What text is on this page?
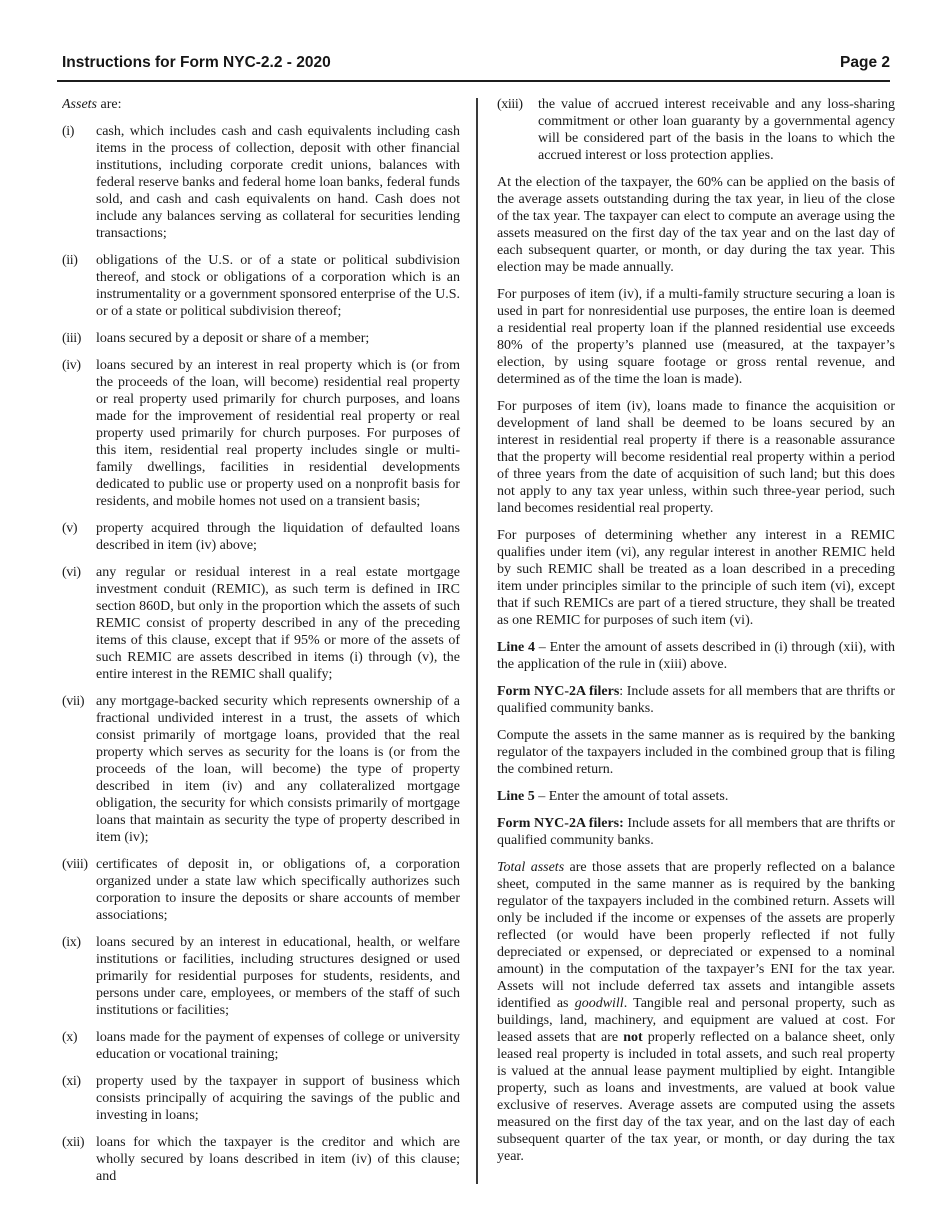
Instructions for Form NYC-2.2 - 2020	Page 2

Assets are:

(i)	cash, which includes cash and cash equivalents including cash items in the process of collection, deposit with other financial institutions, including corporate credit unions, balances with federal reserve banks and federal home loan banks, federal funds sold, and cash and cash equivalents on hand. Cash does not include any balances serving as collateral for securities lending transactions;
(ii)	obligations of the U.S. or of a state or political subdivision thereof, and stock or obligations of a corporation which is an instrumentality or a government sponsored enterprise of the U.S. or of a state or political subdivision thereof;
(iii)	loans secured by a deposit or share of a member;
(iv)	loans secured by an interest in real property which is (or from the proceeds of the loan, will become) residential real property or real property used primarily for church purposes, and loans made for the improvement of residential real property or real property used primarily for church purposes. For purposes of this item, residential real property includes single or multi-family dwellings, facilities in residential developments dedicated to public use or property used on a nonprofit basis for residents, and mobile homes not used on a transient basis;
(v)	property acquired through the liquidation of defaulted loans described in item (iv) above;
(vi)	any regular or residual interest in a real estate mortgage investment conduit (REMIC), as such term is defined in IRC section 860D, but only in the proportion which the assets of such REMIC consist of property described in any of the preceding items of this clause, except that if 95% or more of the assets of such REMIC are assets described in items (i) through (v), the entire interest in the REMIC shall qualify;
(vii) any mortgage-backed security which represents ownership of a fractional undivided interest in a trust, the assets of which consist primarily of mortgage loans, provided that the real property which serves as security for the loans is (or from the proceeds of the loan, will become) the type of property described in item (iv) and any collateralized mortgage obligation, the security for which consists primarily of mortgage loans that maintain as security the type of property described in item (iv);
(viii) certificates of deposit in, or obligations of, a corporation organized under a state law which specifically authorizes such corporation to insure the deposits or share accounts of member associations;
(ix)	loans secured by an interest in educational, health, or welfare institutions or facilities, including structures designed or used primarily for residential purposes for students, residents, and persons under care, employees, or members of the staff of such institutions or facilities;
(x)	loans made for the payment of expenses of college or university education or vocational training;
(xi)	property used by the taxpayer in support of business which consists principally of acquiring the savings of the public and investing in loans;
(xii) loans for which the taxpayer is the creditor and which are wholly secured by loans described in item (iv) of this clause; and
(xiii)	the value of accrued interest receivable and any loss-sharing commitment or other loan guaranty by a governmental agency will be considered part of the basis in the loans to which the accrued interest or loss protection applies.

At the election of the taxpayer, the 60% can be applied on the basis of the average assets outstanding during the tax year, in lieu of the close of the tax year. The taxpayer can elect to compute an average using the assets measured on the first day of the tax year and on the last day of each subsequent quarter, or month, or day during the tax year. This election may be made annually.

For purposes of item (iv), if a multi-family structure securing a loan is used in part for nonresidential use purposes, the entire loan is deemed a residential real property loan if the planned residential use exceeds 80% of the property’s planned use (measured, at the taxpayer’s election, by using square footage or gross rental revenue, and determined as of the time the loan is made).

For purposes of item (iv), loans made to finance the acquisition or development of land shall be deemed to be loans secured by an interest in residential real property if there is a reasonable assurance that the property will become residential real property within a period of three years from the date of acquisition of such land; but this does not apply to any tax year unless, within such three-year period, such land becomes residential real property.

For purposes of determining whether any interest in a REMIC qualifies under item (vi), any regular interest in another REMIC held by such REMIC shall be treated as a loan described in a preceding item under principles similar to the principle of such item (vi), except that if such REMICs are part of a tiered structure, they shall be treated as one REMIC for purposes of such item (vi).

Line 4 – Enter the amount of assets described in (i) through (xii), with the application of the rule in (xiii) above.

Form NYC-2A filers: Include assets for all members that are thrifts or qualified community banks.

Compute the assets in the same manner as is required by the banking regulator of the taxpayers included in the combined group that is filing the combined return.

Line 5 – Enter the amount of total assets.

Form NYC-2A filers: Include assets for all members that are thrifts or qualified community banks.

Total assets are those assets that are properly reflected on a balance sheet, computed in the same manner as is required by the banking regulator of the taxpayers included in the combined return. Assets will only be included if the income or expenses of the assets are properly reflected (or would have been properly reflected if not fully depreciated or expensed, or depreciated or expensed to a nominal amount) in the computation of the taxpayer’s ENI for the tax year. Assets will not include deferred tax assets and intangible assets identified as goodwill. Tangible real and personal property, such as buildings, land, machinery, and equipment are valued at cost. For leased assets that are not properly reflected on a balance sheet, only leased real property is included in total assets, and such real property is valued at the annual lease payment multiplied by eight. Intangible property, such as loans and investments, are valued at book value exclusive of reserves. Average assets are computed using the assets measured on the first day of the tax year, and on the last day of each subsequent quarter of the tax year, or month, or day during the tax year.
